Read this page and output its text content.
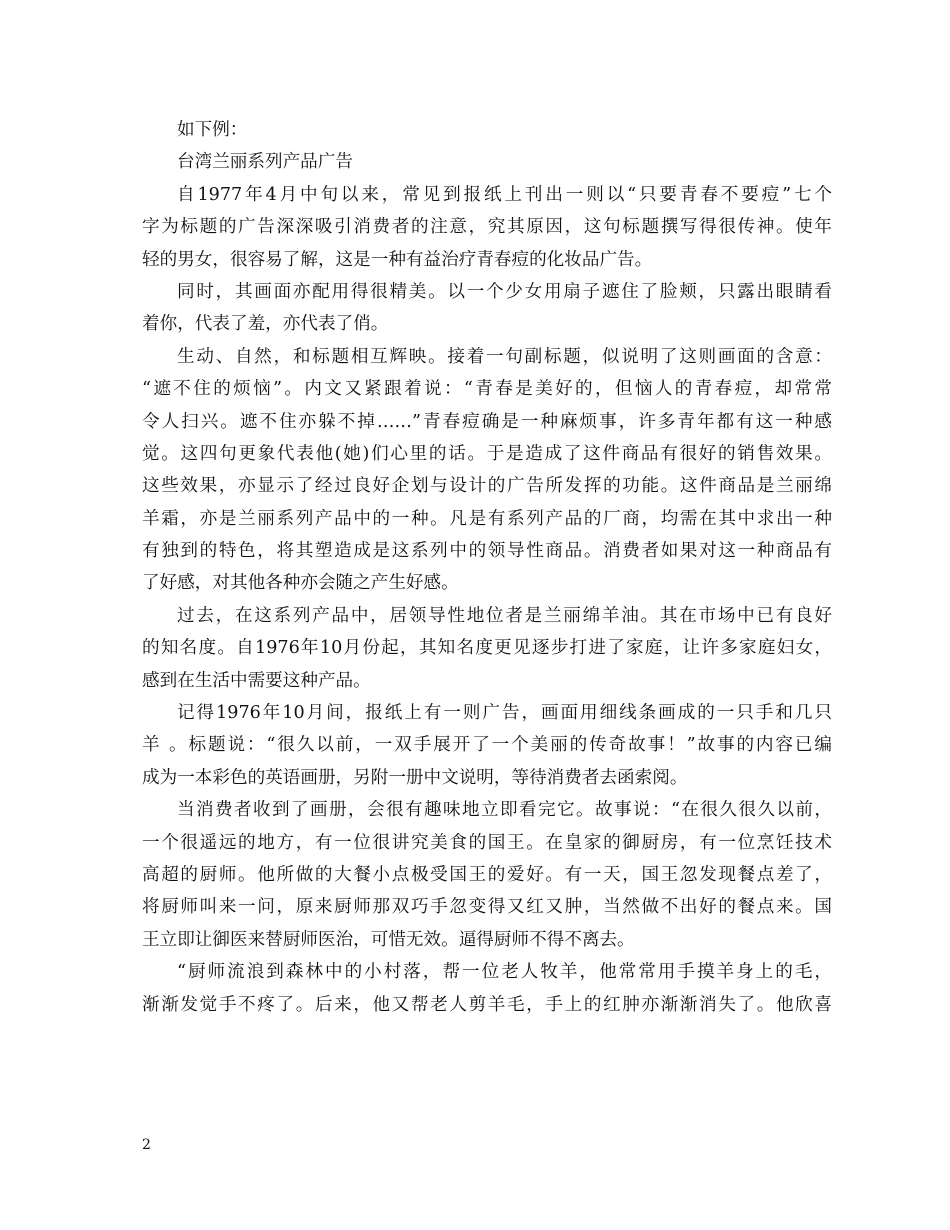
如下例：
台湾兰丽系列产品广告
自1977年4月中旬以来，常见到报纸上刊出一则以“只要青春不要痘”七个
字为标题的广告深深吸引消费者的注意，究其原因，这句标题撰写得很传神。使年
轻的男女，很容易了解，这是一种有益治疗青春痘的化妆品广告。
同时，其画面亦配用得很精美。以一个少女用扇子遮住了脸颊，只露出眼睛看
着你，代表了羞，亦代表了俏。
生动、自然，和标题相互辉映。接着一句副标题，似说明了这则画面的含意：
“遮不住的烦恼”。内文又紧跟着说：“青春是美好的，但恼人的青春痘，却常常
令人扫兴。遮不住亦躲不掉……”青春痘确是一种麻烦事，许多青年都有这一种感
觉。这四句更象代表他(她)们心里的话。于是造成了这件商品有很好的销售效果。
这些效果，亦显示了经过良好企划与设计的广告所发挥的功能。这件商品是兰丽绵
羊霜，亦是兰丽系列产品中的一种。凡是有系列产品的厂商，均需在其中求出一种
有独到的特色，将其塑造成是这系列中的领导性商品。消费者如果对这一种商品有
了好感，对其他各种亦会随之产生好感。
过去，在这系列产品中，居领导性地位者是兰丽绵羊油。其在市场中已有良好
的知名度。自1976年10月份起，其知名度更见逐步打进了家庭，让许多家庭妇女，
感到在生活中需要这种产品。
记得1976年10月间，报纸上有一则广告，画面用细线条画成的一只手和几只
羊 。标题说：“很久以前，一双手展开了一个美丽的传奇故事！”故事的内容已编
成为一本彩色的英语画册，另附一册中文说明，等待消费者去函索阅。
当消费者收到了画册，会很有趣味地立即看完它。故事说：“在很久很久以前，
一个很遥远的地方，有一位很讲究美食的国王。在皇家的御厨房，有一位烹饪技术
高超的厨师。他所做的大餐小点极受国王的爱好。有一天，国王忽发现餐点差了，
将厨师叫来一问，原来厨师那双巧手忽变得又红又肿，当然做不出好的餐点来。国
王立即让御医来替厨师医治，可惜无效。逼得厨师不得不离去。
“厨师流浪到森林中的小村落，帮一位老人牧羊，他常常用手摸羊身上的毛，
渐渐发觉手不疼了。后来，他又帮老人剪羊毛，手上的红肿亦渐渐消失了。他欣喜
2
